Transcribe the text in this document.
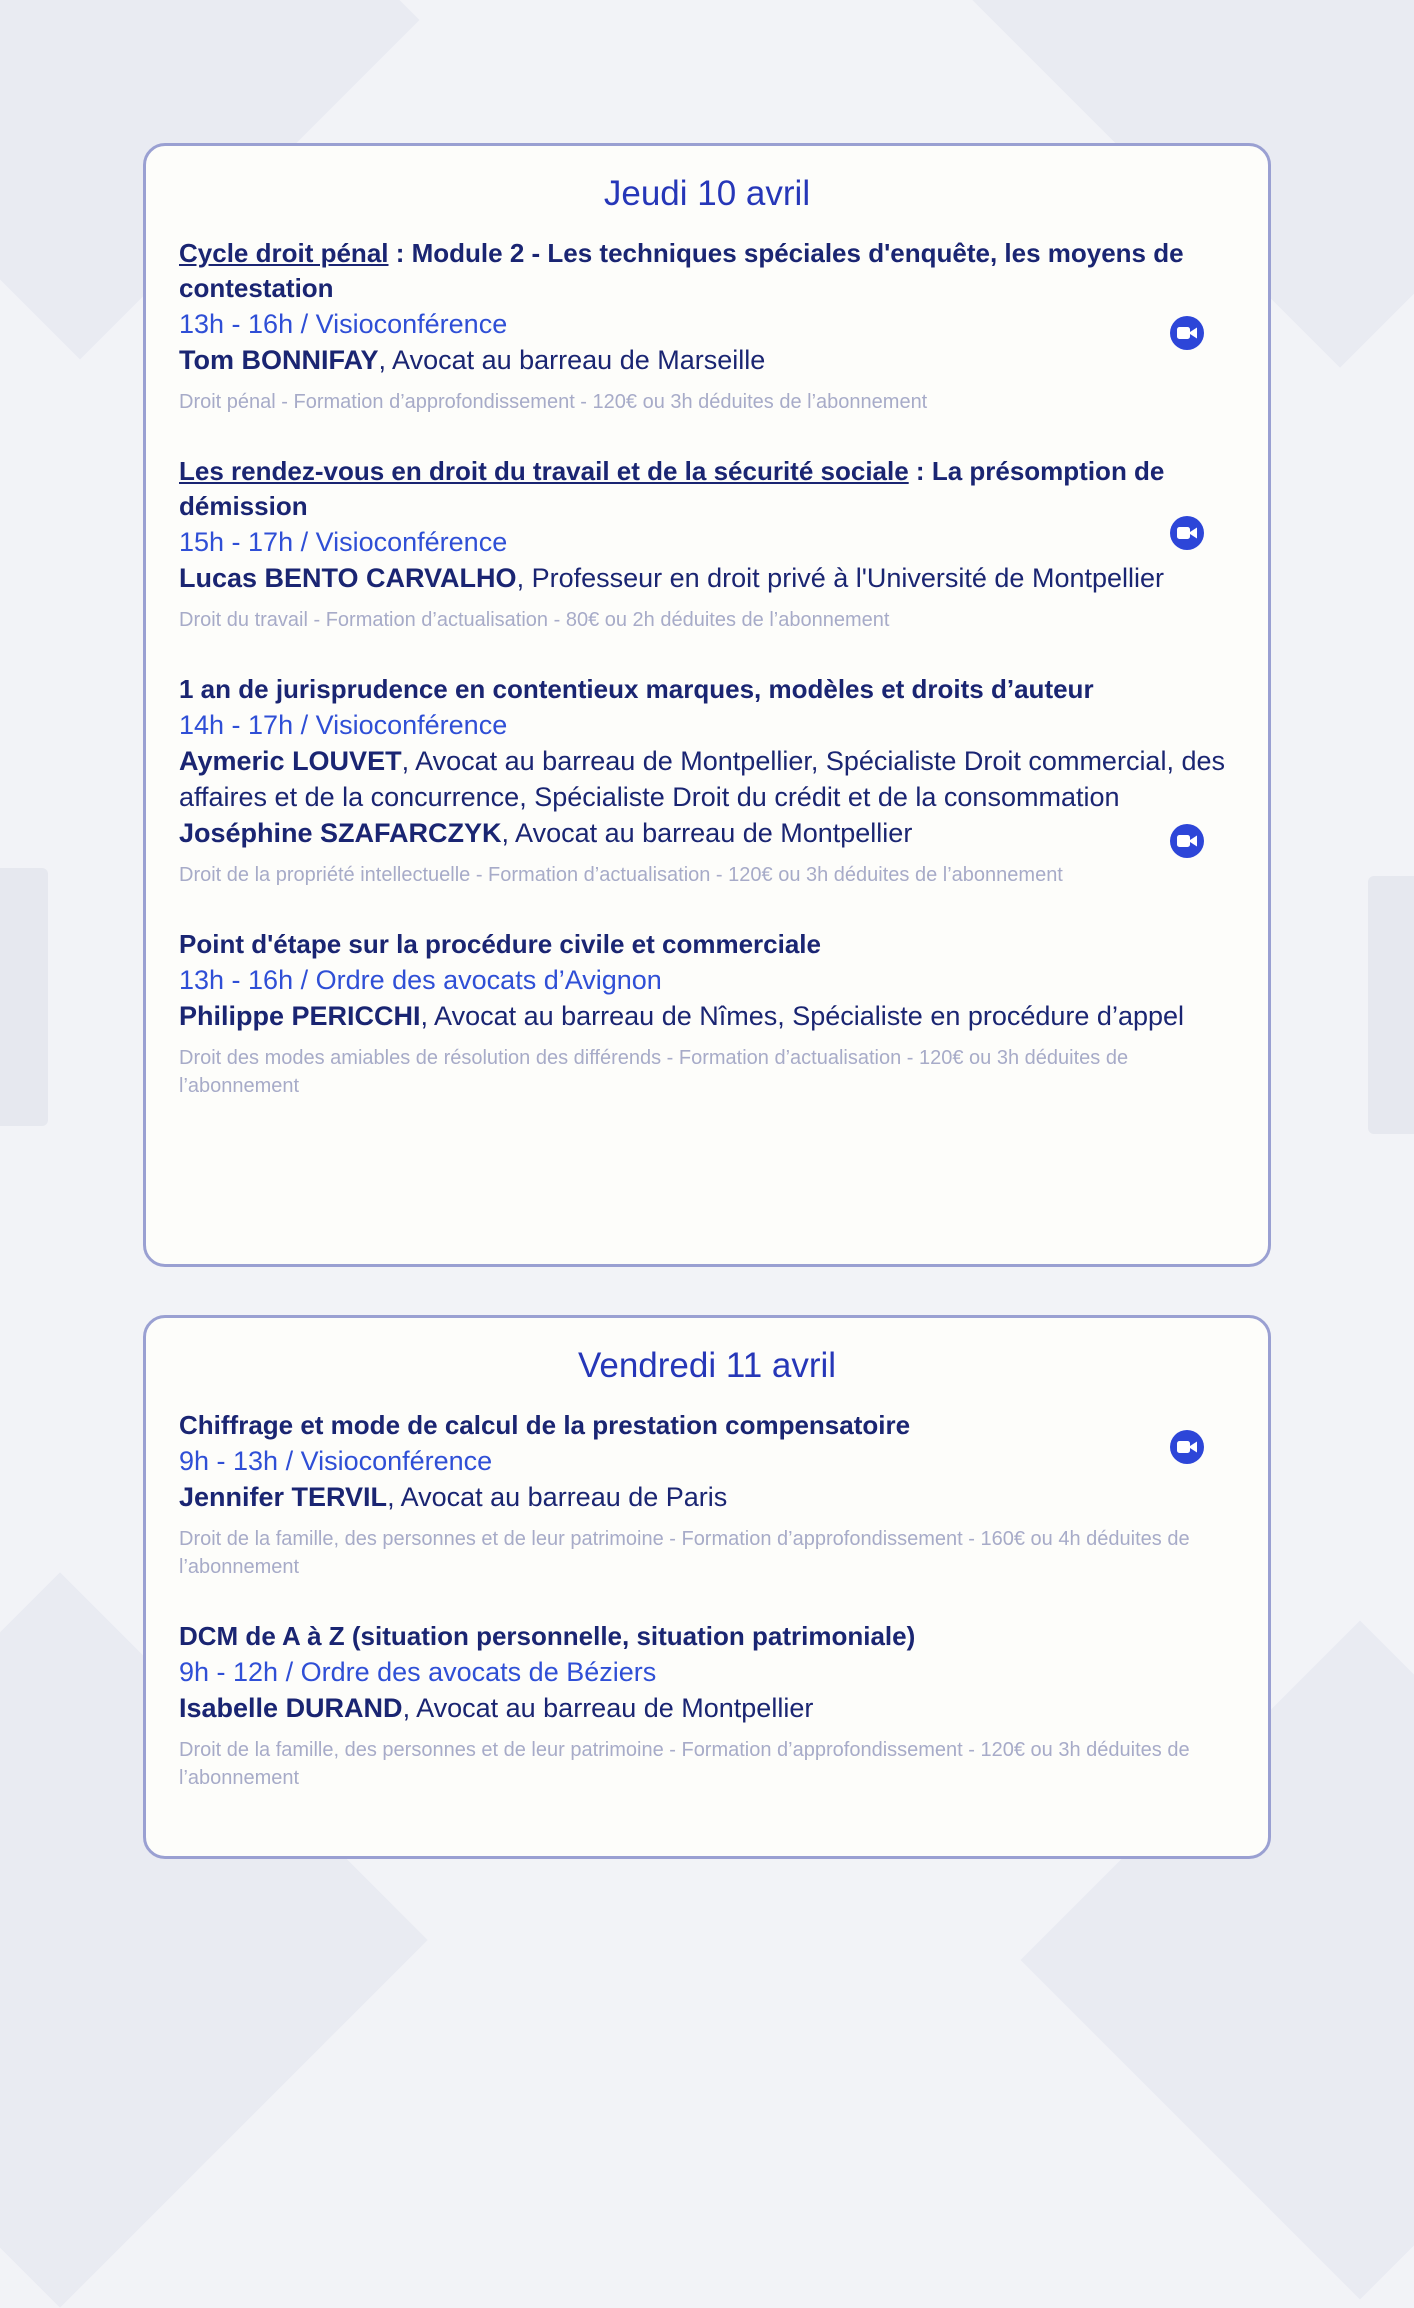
Jeudi 10 avril
Cycle droit pénal : Module 2 - Les techniques spéciales d'enquête, les moyens de contestation
13h - 16h / Visioconférence
Tom BONNIFAY, Avocat au barreau de Marseille
Droit pénal - Formation d’approfondissement - 120€ ou 3h déduites de l’abonnement
Les rendez-vous en droit du travail et de la sécurité sociale : La présomption de démission
15h - 17h / Visioconférence
Lucas BENTO CARVALHO, Professeur en droit privé à l'Université de Montpellier
Droit du travail - Formation d’actualisation - 80€ ou 2h déduites de l’abonnement
1 an de jurisprudence en contentieux marques, modèles et droits d’auteur
14h - 17h / Visioconférence
Aymeric LOUVET, Avocat au barreau de Montpellier, Spécialiste Droit commercial, des affaires et de la concurrence, Spécialiste Droit du crédit et de la consommation
Joséphine SZAFARCZYK, Avocat au barreau de Montpellier
Droit de la propriété intellectuelle - Formation d’actualisation - 120€ ou 3h déduites de l’abonnement
Point d'étape sur la procédure civile et commerciale
13h - 16h / Ordre des avocats d’Avignon
Philippe PERICCHI, Avocat au barreau de Nîmes, Spécialiste en procédure d’appel
Droit des modes amiables de résolution des différends - Formation d’actualisation - 120€ ou 3h déduites de l’abonnement
Vendredi 11 avril
Chiffrage et mode de calcul de la prestation compensatoire
9h - 13h / Visioconférence
Jennifer TERVIL, Avocat au barreau de Paris
Droit de la famille, des personnes et de leur patrimoine - Formation d’approfondissement - 160€ ou 4h déduites de l’abonnement
DCM de A à Z (situation personnelle, situation patrimoniale)
9h - 12h / Ordre des avocats de Béziers
Isabelle DURAND, Avocat au barreau de Montpellier
Droit de la famille, des personnes et de leur patrimoine - Formation d’approfondissement - 120€ ou 3h déduites de l’abonnement
